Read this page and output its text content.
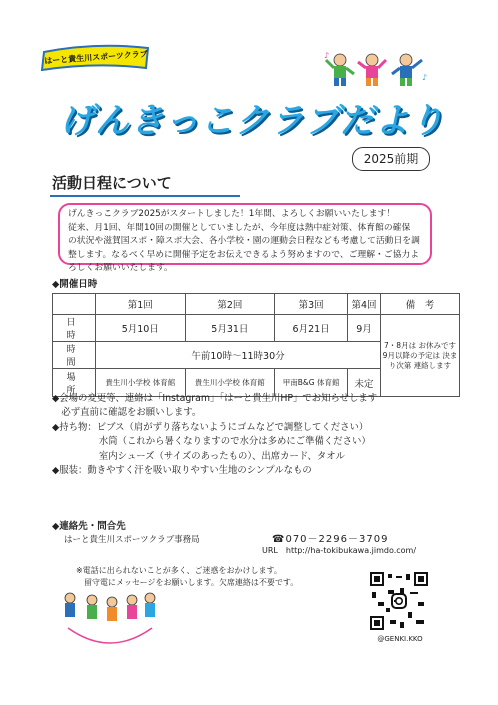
はーと貴生川スポーツクラブ	♪
♪
げんきっこクラブだより
2025前期
活動日程について

げんきっこクラブ2025がスタートしました！1年間、よろしくお願いいたします！

従来、月1回、年間10回の開催としていましたが、今年度は熱中症対策、体育館の確保

の状況や滋賀国スポ・障スポ大会、各小学校・園の運動会日程なども考慮して活動日を調

整します。なるべく早めに開催予定をお伝えできるよう努めますので、ご理解・ご協力よ

ろしくお願いいたします。

◆開催日時
	第1回	第2回	第3回	第4回	備　考
日　時	5月10日	5月31日	6月21日	9月	7・8月は お休みです 9月以降の予定は 決まり次第 連絡します
時　間	午前10時～11時30分				
場　所	貴生川小学校 体育館	貴生川小学校 体育館	甲南B&G 体育館	未定	
◆会場の変更等、連絡は「Instagram」「はーと貴生川HP」でお知らせします
　必ず直前に確認をお願いします。
◆持ち物：ビブス（肩がずり落ちないようにゴムなどで調整してください）
　　　　　水筒（これから暑くなりますので水分は多めにご準備ください）
　　　　　室内シューズ（サイズのあったもの）、出席カード、タオル
◆服装：動きやすく汗を吸い取りやすい生地のシンプルなもの
◆連絡先・問合先
はーと貴生川スポーツクラブ事務局	☎070－2296－3709
URL　http://ha-tokibukawa.jimdo.com/
※電話に出られないことが多く、ご迷惑をおかけします。
　留守電にメッセージをお願いします。欠席連絡は不要です。
@GENKI.KKO
